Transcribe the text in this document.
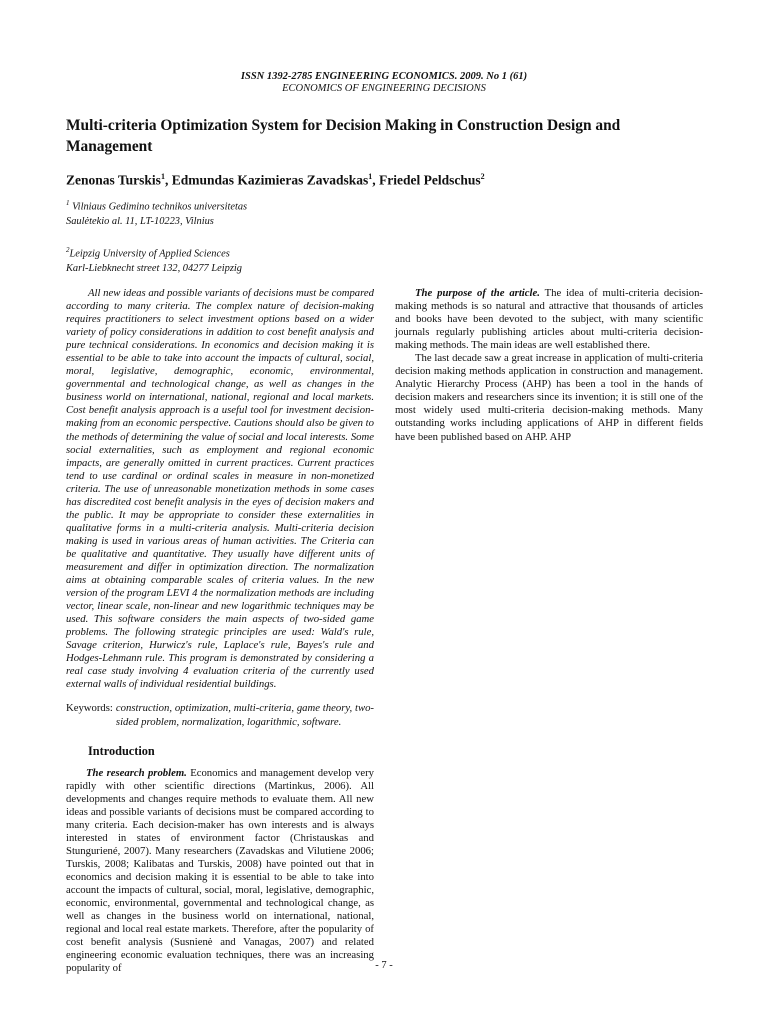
ISSN 1392-2785 ENGINEERING ECONOMICS. 2009. No 1 (61)
ECONOMICS OF ENGINEERING DECISIONS
Multi-criteria Optimization System for Decision Making in Construction Design and Management
Zenonas Turskis$^1$, Edmundas Kazimieras Zavadskas$^1$, Friedel Peldschus$^2$
$^1$ Vilniaus Gedimino technikos universitetas
Saulėtekio al. 11, LT-10223, Vilnius
$^2$Leipzig University of Applied Sciences
Karl-Liebknecht street 132, 04277 Leipzig

All new ideas and possible variants of decisions must be compared according to many criteria. The complex nature of decision-making requires practitioners to select investment options based on a wider variety of policy considerations in addition to cost benefit analysis and pure technical considerations. In economics and decision making it is essential to be able to take into account the impacts of cultural, social, moral, legislative, demographic, economic, environmental, governmental and technological change, as well as changes in the business world on international, national, regional and local markets. Cost benefit analysis approach is a useful tool for investment decision-making from an economic perspective. Cautions should also be given to the methods of determining the value of social and local interests. Some social externalities, such as employment and regional economic impacts, are generally omitted in current practices. Current practices tend to use cardinal or ordinal scales in measure in non-monetized criteria. The use of unreasonable monetization methods in some cases has discredited cost benefit analysis in the eyes of decision makers and the public. It may be appropriate to consider these externalities in qualitative forms in a multi-criteria analysis. Multi-criteria decision making is used in various areas of human activities. The Criteria can be qualitative and quantitative. They usually have different units of measurement and differ in optimization direction. The normalization aims at obtaining comparable scales of criteria values. In the new version of the program LEVI 4 the normalization methods are including vector, linear scale, non-linear and new logarithmic techniques may be used. This software considers the main aspects of two-sided game problems. The following strategic principles are used: Wald's rule, Savage criterion, Hurwicz's rule, Laplace's rule, Bayes's rule and Hodges-Lehmann rule. This program is demonstrated by considering a real case study involving 4 evaluation criteria of the currently used external walls of individual residential buildings.

Keywords: construction, optimization, multi-criteria, game theory, two-sided problem, normalization, logarithmic, software.

Introduction

The research problem. Economics and management develop very rapidly with other scientific directions (Martinkus, 2006). All developments and changes require methods to evaluate them. All new ideas and possible variants of decisions must be compared according to many criteria. Each decision-maker has own interests and is always interested in states of environment factor (Christauskas and Stunguriené, 2007). Many researchers (Zavadskas and Vilutiene 2006; Turskis, 2008; Kalibatas and Turskis, 2008) have pointed out that in economics and decision making it is essential to be able to take into account the impacts of cultural, social, moral, legislative, demographic, economic, environmental, governmental and technological change, as well as changes in the business world on international, national, regional and local real estate markets. Therefore, after the popularity of cost benefit analysis (Susnienė and Vanagas, 2007) and related engineering economic evaluation techniques, there was an increasing popularity of

The purpose of the article. The idea of multi-criteria decision-making methods is so natural and attractive that thousands of articles and books have been devoted to the subject, with many scientific journals regularly publishing articles about multi-criteria decision-making methods. The main ideas are well established there.

The last decade saw a great increase in application of multi-criteria decision making methods application in construction and management. Analytic Hierarchy Process (AHP) has been a tool in the hands of decision makers and researchers since its invention; it is still one of the most widely used multi-criteria decision-making methods. Many outstanding works including applications of AHP in different fields have been published based on AHP. AHP

- 7 -
